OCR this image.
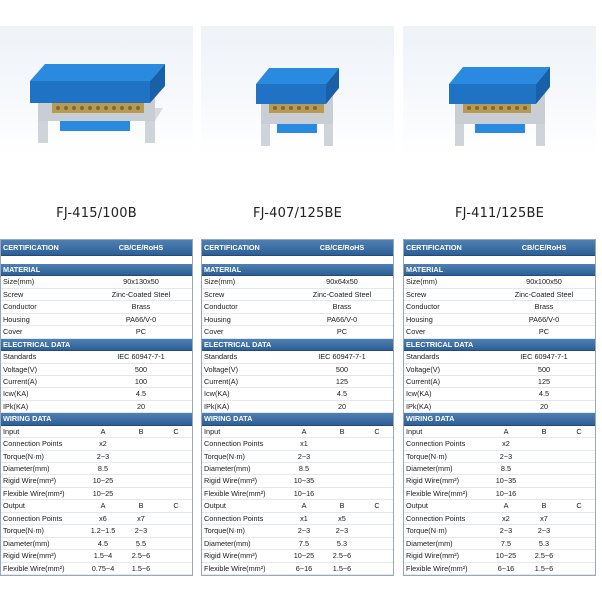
FJ-415/100B
CERTIFICATION	CB/CE/RoHS
MATERIAL
Size(mm)	90x130x50
Screw	Zinc-Coated Steel
Conductor	Brass
Housing	PA66/V-0
Cover	PC
ELECTRICAL DATA
Standards	IEC 60947-7-1
Voltage(V)	500
Current(A)	100
Icw(KA)	4.5
IPk(KA)	20
WIRING DATA
Input	A	B	C
Connection Points	x2
Torque(N·m)	2~3
Diameter(mm)	8.5
Rigid Wire(mm²)	10~25
Flexible Wire(mm²)	10~25
Output	A	B	C
Connection Points	x6	x7
Torque(N·m)	1.2~1.5	2~3
Diameter(mm)	4.5	5.5
Rigid Wire(mm²)	1.5~4	2.5~6
Flexible Wire(mm²)	0.75~4	1.5~6
FJ-407/125BE
CERTIFICATION	CB/CE/RoHS
MATERIAL
Size(mm)	90x64x50
Screw	Zinc-Coated Steel
Conductor	Brass
Housing	PA66/V-0
Cover	PC
ELECTRICAL DATA
Standards	IEC 60947-7-1
Voltage(V)	500
Current(A)	125
Icw(KA)	4.5
IPk(KA)	20
WIRING DATA
Input	A	B	C
Connection Points	x1
Torque(N·m)	2~3
Diameter(mm)	8.5
Rigid Wire(mm²)	10~35
Flexible Wire(mm²)	10~16
Output	A	B	C
Connection Points	x1	x5
Torque(N·m)	2~3	2~3
Diameter(mm)	7.5	5.3
Rigid Wire(mm²)	10~25	2.5~6
Flexible Wire(mm²)	6~16	1.5~6
FJ-411/125BE
CERTIFICATION	CB/CE/RoHS
MATERIAL
Size(mm)	90x100x50
Screw	Zinc-Coated Steel
Conductor	Brass
Housing	PA66/V-0
Cover	PC
ELECTRICAL DATA
Standards	IEC 60947-7-1
Voltage(V)	500
Current(A)	125
Icw(KA)	4.5
IPk(KA)	20
WIRING DATA
Input	A	B	C
Connection Points	x2
Torque(N·m)	2~3
Diameter(mm)	8.5
Rigid Wire(mm²)	10~35
Flexible Wire(mm²)	10~16
Output	A	B	C
Connection Points	x2	x7
Torque(N·m)	2~3	2~3
Diameter(mm)	7.5	5.3
Rigid Wire(mm²)	10~25	2.5~6
Flexible Wire(mm²)	6~16	1.5~6
